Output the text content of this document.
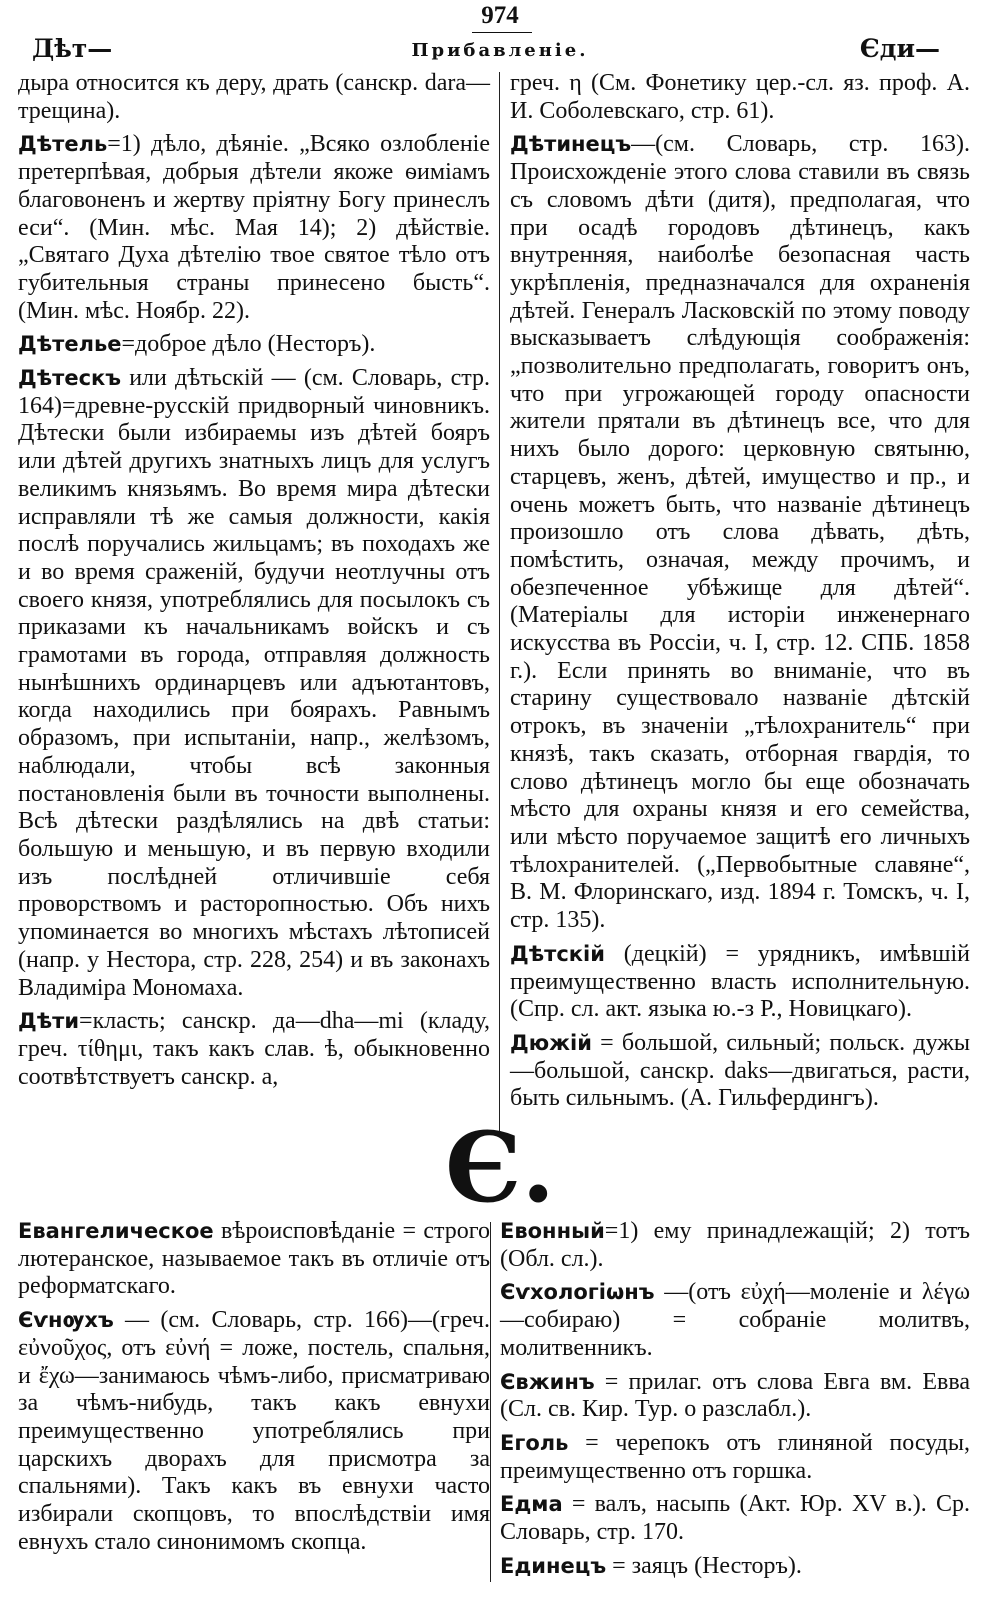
974
Дѣт—	Прибавленіе.	Єди—

дыра относится къ деру, драть (санскр. dara—трещина).

Дѣтель=1) дѣло, дѣяніе. „Всяко озлобленіе претерпѣвая, добрыя дѣтели якоже ѳиміамъ благовоненъ и жертву пріятну Богу принеслъ еси“. (Мин. мѣс. Мая 14); 2) дѣйствіе. „Святаго Духа дѣтелію твое святое тѣло отъ губительныя страны принесено бысть“. (Мин. мѣс. Ноябр. 22).

Дѣтелье=доброе дѣло (Несторъ).

Дѣтескъ или дѣтьскій — (см. Словарь, стр. 164)=древне-русскій придворный чиновникъ. Дѣтески были избираемы изъ дѣтей бояръ или дѣтей другихъ знатныхъ лицъ для услугъ великимъ князьямъ. Во время мира дѣтески исправляли тѣ же самыя должности, какія послѣ поручались жильцамъ; въ походахъ же и во время сраженій, будучи неотлучны отъ своего князя, употреблялись для посылокъ съ приказами къ начальникамъ войскъ и съ грамотами въ города, отправляя должность нынѣшнихъ ординарцевъ или адъютантовъ, когда находились при боярахъ. Равнымъ образомъ, при испытаніи, напр., желѣзомъ, наблюдали, чтобы всѣ законныя постановленія были въ точности выполнены. Всѣ дѣтески раздѣлялись на двѣ статьи: большую и меньшую, и въ первую входили изъ послѣдней отличившіе себя проворствомъ и расторопностью. Объ нихъ упоминается во многихъ мѣстахъ лѣтописей (напр. у Нестора, стр. 228, 254) и въ законахъ Владиміра Мономаха.

Дѣти=класть; санскр. да—dha—mi (кладу, греч. τίθημι, такъ какъ слав. ѣ, обыкновенно соотвѣтствуетъ санскр. а,

греч. η (См. Фонетику цер.-сл. яз. проф. А. И. Соболевскаго, стр. 61).

Дѣтинецъ—(см. Словарь, стр. 163). Происхожденіе этого слова ставили въ связь съ словомъ дѣти (дитя), предполагая, что при осадѣ городовъ дѣтинецъ, какъ внутренняя, наиболѣе безопасная часть укрѣпленія, предназначался для охраненія дѣтей. Генералъ Ласковскій по этому поводу высказываетъ слѣдующія соображенія: „позволительно предполагать, говоритъ онъ, что при угрожающей городу опасности жители прятали въ дѣтинецъ все, что для нихъ было дорого: церковную святыню, старцевъ, женъ, дѣтей, имущество и пр., и очень можетъ быть, что названіе дѣтинецъ произошло отъ слова дѣвать, дѣть, помѣстить, означая, между прочимъ, и обезпеченное убѣжище для дѣтей“. (Матеріалы для исторіи инженернаго искусства въ Россіи, ч. I, стр. 12. СПБ. 1858 г.). Если принять во вниманіе, что въ старину существовало названіе дѣтскій отрокъ, въ значеніи „тѣлохранитель“ при князѣ, такъ сказать, отборная гвардія, то слово дѣтинецъ могло бы еще обозначать мѣсто для охраны князя и его семейства, или мѣсто поручаемое защитѣ его личныхъ тѣлохранителей. („Первобытные славяне“, В. М. Флоринскаго, изд. 1894 г. Томскъ, ч. I, стр. 135).

Дѣтскій (децкій) = урядникъ, имѣвшій преимущественно власть исполнительную. (Спр. сл. акт. языка ю.-з Р., Новицкаго).

Дюжій = большой, сильный; польск. дужы—большой, санскр. daks—двигаться, расти, быть сильнымъ. (А. Гильфердингъ).

Є.

Евангелическое вѣроисповѣданіе = строго лютеранское, называемое такъ въ отличіе отъ реформатскаго.

Єѵнѹхъ — (см. Словарь, стр. 166)—(греч. εὐνοῦχος, отъ εὐνή = ложе, постель, спальня, и ἔχω—занимаюсь чѣмъ-либо, присматриваю за чѣмъ-нибудь, такъ какъ евнухи преимущественно употреблялись при царскихъ дворахъ для присмотра за спальнями). Такъ какъ въ евнухи часто избирали скопцовъ, то впослѣдствіи имя евнухъ стало синонимомъ скопца.

Евонный=1) ему принадлежащій; 2) тотъ (Обл. сл.).

Єѵхологіѡнъ —(отъ εὐχή—моленіе и λέγω —собираю) = собраніе молитвъ, молитвенникъ.

Євжинъ = прилаг. отъ слова Евга вм. Евва (Сл. св. Кир. Тур. о разслабл.).

Еголь = черепокъ отъ глиняной посуды, преимущественно отъ горшка.

Едма = валъ, насыпь (Акт. Юр. XV в.). Ср. Словарь, стр. 170.

Единецъ = заяцъ (Несторъ).
